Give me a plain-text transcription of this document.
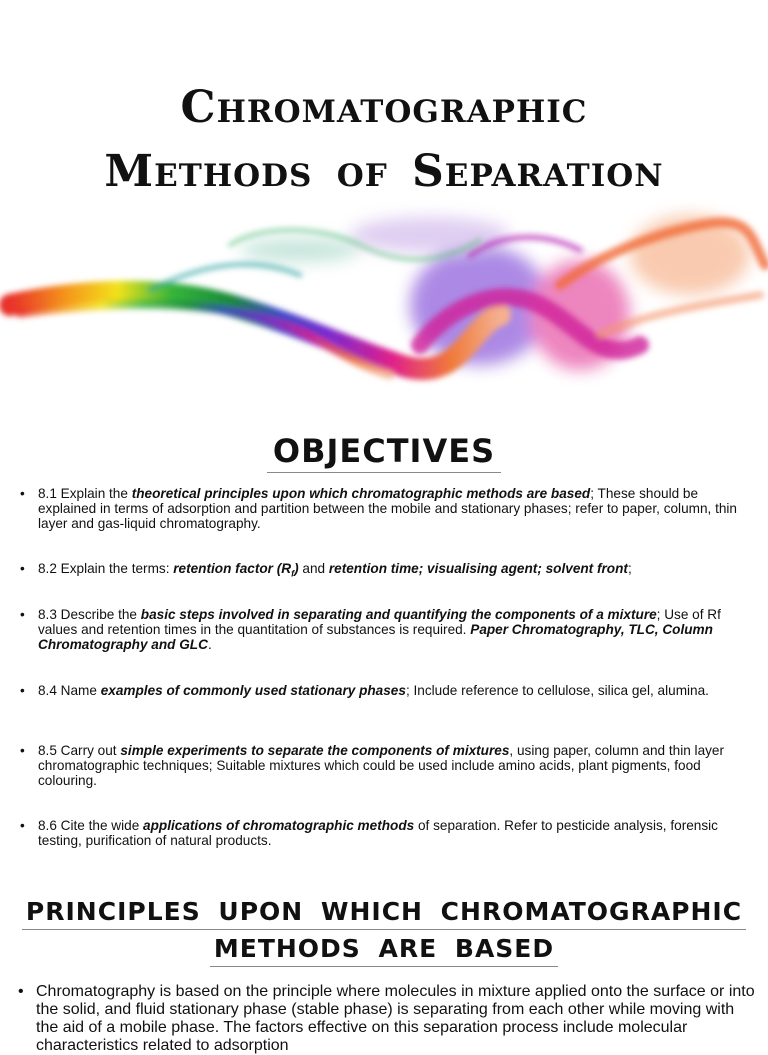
Chromatographic
Methods of Separation
OBJECTIVES
• 8.1 Explain the theoretical principles upon which chromatographic methods are based; These should be explained in terms of adsorption and partition between the mobile and stationary phases; refer to paper, column, thin layer and gas-liquid chromatography.
• 8.2 Explain the terms: retention factor $(R_f)$ and retention time; visualising agent; solvent front;
• 8.3 Describe the basic steps involved in separating and quantifying the components of a mixture; Use of Rf values and retention times in the quantitation of substances is required. Paper Chromatography, TLC, Column Chromatography and GLC.
• 8.4 Name examples of commonly used stationary phases; Include reference to cellulose, silica gel, alumina.
• 8.5 Carry out simple experiments to separate the components of mixtures, using paper, column and thin layer chromatographic techniques; Suitable mixtures which could be used include amino acids, plant pigments, food colouring.
• 8.6 Cite the wide applications of chromatographic methods of separation. Refer to pesticide analysis, forensic testing, purification of natural products.
PRINCIPLES UPON WHICH CHROMATOGRAPHIC
METHODS ARE BASED
• Chromatography is based on the principle where molecules in mixture applied onto the surface or into the solid, and fluid stationary phase (stable phase) is separating from each other while moving with the aid of a mobile phase. The factors effective on this separation process include molecular characteristics related to adsorption
